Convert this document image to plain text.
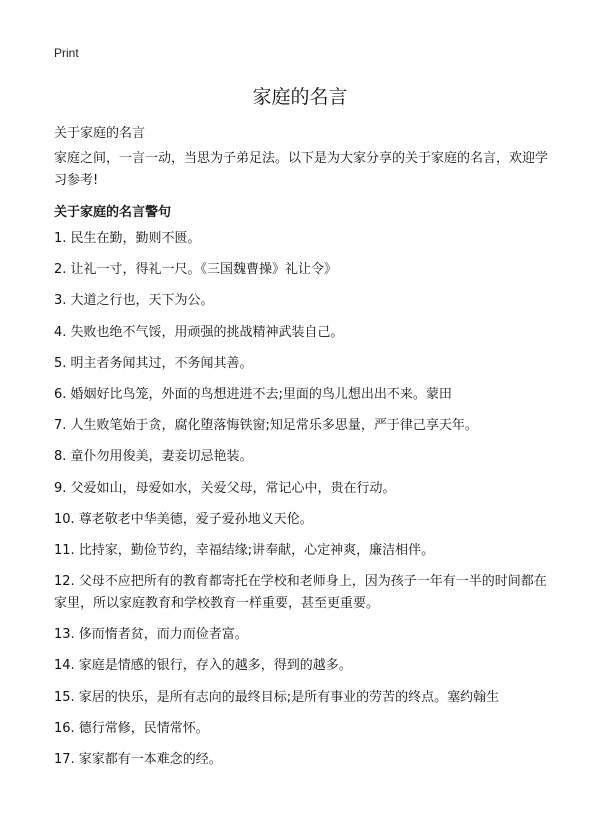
Print
家庭的名言

关于家庭的名言

家庭之间，一言一动，当思为子弟足法。以下是为大家分享的关于家庭的名言，欢迎学习参考!

关于家庭的名言警句
1. 民生在勤，勤则不匮。
2. 让礼一寸，得礼一尺。《三国魏曹操》礼让令》
3. 大道之行也，天下为公。
4. 失败也绝不气馁，用顽强的挑战精神武装自己。
5. 明主者务闻其过，不务闻其善。
6. 婚姻好比鸟笼，外面的鸟想进进不去;里面的鸟儿想出出不来。蒙田
7. 人生败笔始于贪，腐化堕落悔铁窗;知足常乐多思量，严于律己享天年。
8. 童仆勿用俊美，妻妾切忌艳装。
9. 父爱如山，母爱如水，关爱父母，常记心中，贵在行动。
10. 尊老敬老中华美德，爱子爱孙地义天伦。
11. 比持家，勤俭节约，幸福结缘;讲奉献，心定神爽，廉洁相伴。
12. 父母不应把所有的教育都寄托在学校和老师身上，因为孩子一年有一半的时间都在家里，所以家庭教育和学校教育一样重要，甚至更重要。
13. 侈而惰者贫，而力而俭者富。
14. 家庭是情感的银行，存入的越多，得到的越多。
15. 家居的快乐，是所有志向的最终目标;是所有事业的劳苦的终点。塞约翰生
16. 德行常修，民情常怀。
17. 家家都有一本难念的经。
